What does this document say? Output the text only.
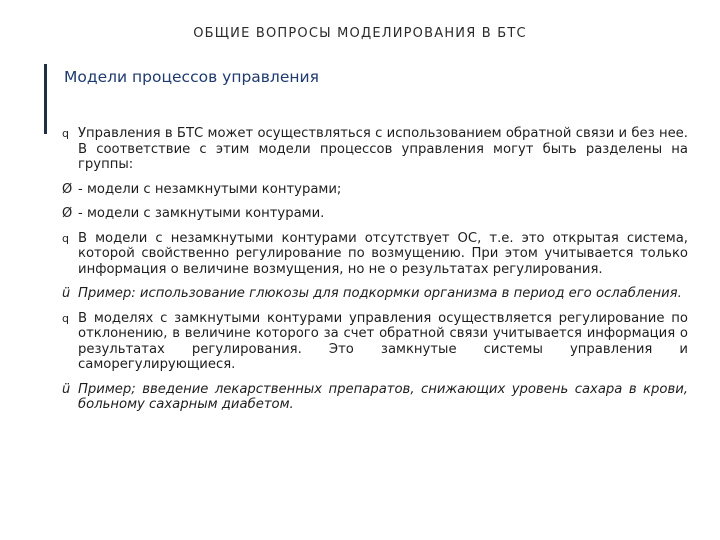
ОБЩИЕ ВОПРОСЫ МОДЕЛИРОВАНИЯ В БТС
Модели процессов управления
q Управления в БТС может осуществляться с использованием обратной связи и без нее. В соответствие с этим модели процессов управления могут быть разделены на группы:
Ø - модели с незамкнутыми контурами;
Ø - модели с замкнутыми контурами.
q В модели с незамкнутыми контурами отсутствует ОС, т.е. это открытая система, которой свойственно регулирование по возмущению. При этом учитывается только информация о величине возмущения, но не о результатах регулирования.
ü Пример: использование глюкозы для подкормки организма в период его ослабления.
q В моделях с замкнутыми контурами управления осуществляется регулирование по отклонению, в величине которого за счет обратной связи учитывается информация о результатах регулирования. Это замкнутые системы управления и саморегулирующиеся.
ü Пример; введение лекарственных препаратов, снижающих уровень сахара в крови, больному сахарным диабетом.
